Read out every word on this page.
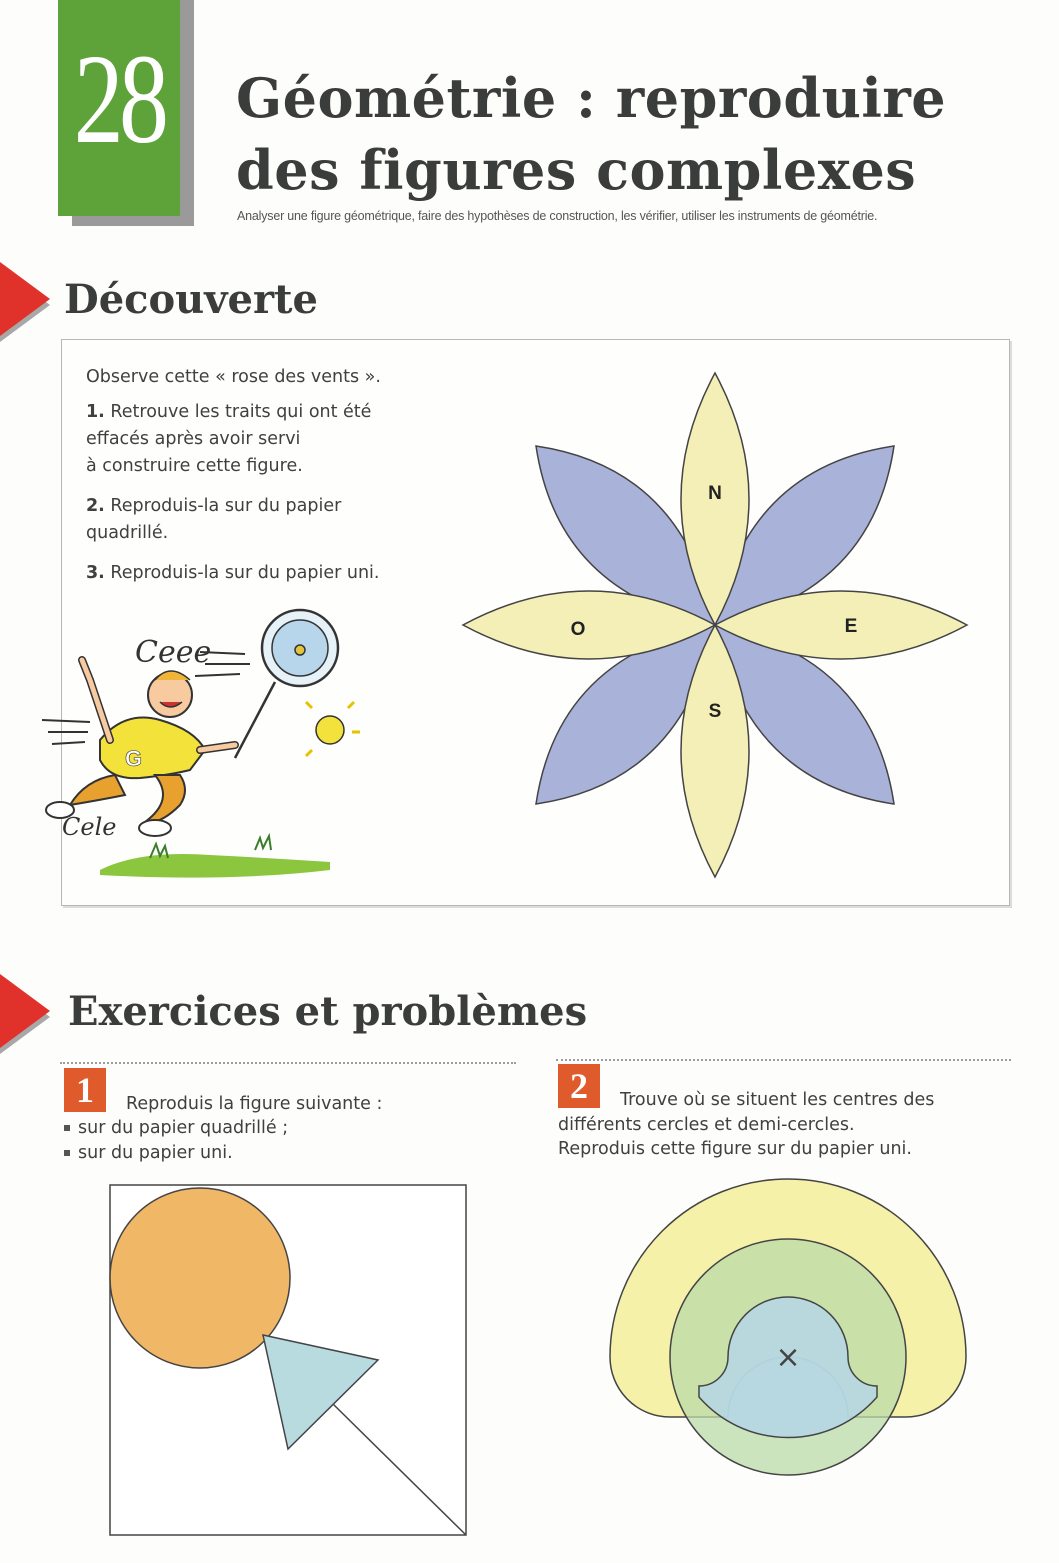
28 Géométrie : reproduire
des figures complexes
Analyser une figure géométrique, faire des hypothèses de construction, les vérifier, utiliser les instruments de géométrie.
Découverte
Observe cette « rose des vents ».
1. Retrouve les traits qui ont été
effacés après avoir servi
à construire cette figure.
2. Reproduis-la sur du papier
quadrillé.
3. Reproduis-la sur du papier uni.
G
Ceee
Cele
N
S
E
O
Exercices et problèmes
1	Reproduis la figure suivante :
sur du papier quadrillé ;
sur du papier uni.
2	Trouve où se situent les centres des
différents cercles et demi-cercles.
Reproduis cette figure sur du papier uni.
×
